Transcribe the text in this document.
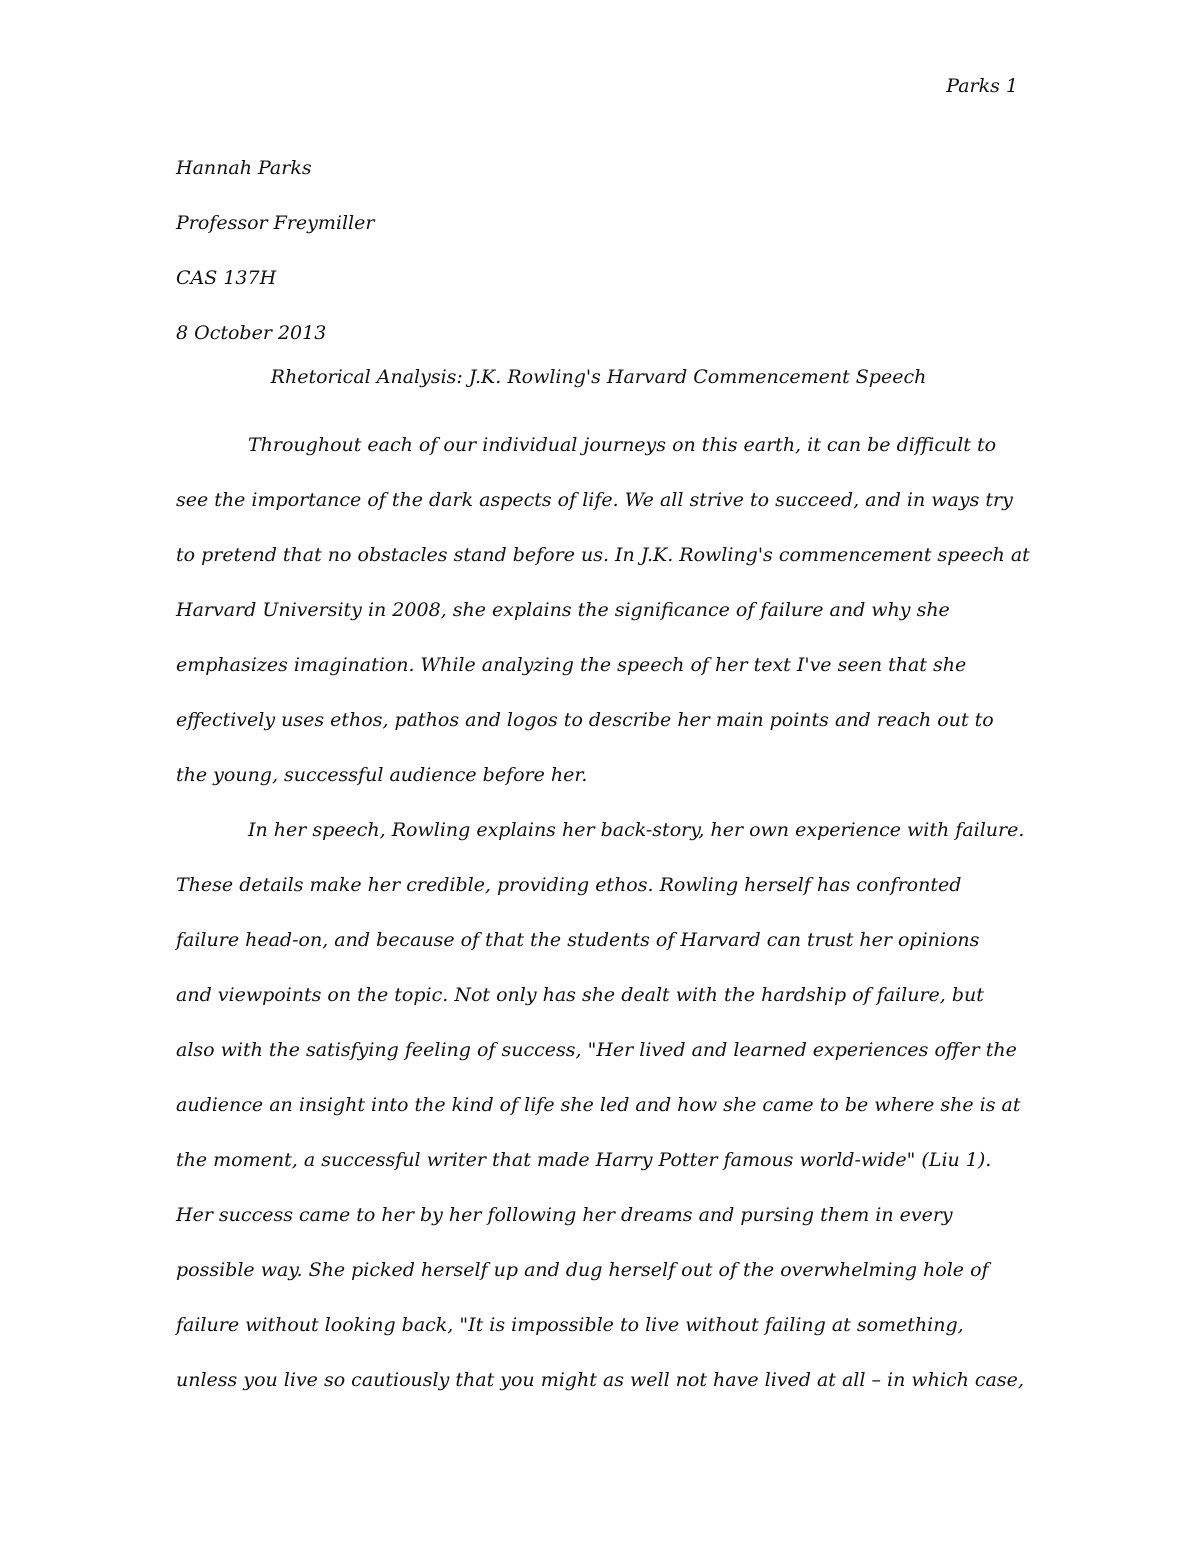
Parks 1
Hannah Parks
Professor Freymiller
CAS 137H
8 October 2013
Rhetorical Analysis: J.K. Rowling's Harvard Commencement Speech
Throughout each of our individual journeys on this earth, it can be difficult to
see the importance of the dark aspects of life. We all strive to succeed, and in ways try
to pretend that no obstacles stand before us. In J.K. Rowling's commencement speech at
Harvard University in 2008, she explains the significance of failure and why she
emphasizes imagination. While analyzing the speech of her text I've seen that she
effectively uses ethos, pathos and logos to describe her main points and reach out to
the young, successful audience before her.
In her speech, Rowling explains her back-story, her own experience with failure.
These details make her credible, providing ethos. Rowling herself has confronted
failure head-on, and because of that the students of Harvard can trust her opinions
and viewpoints on the topic. Not only has she dealt with the hardship of failure, but
also with the satisfying feeling of success, "Her lived and learned experiences offer the
audience an insight into the kind of life she led and how she came to be where she is at
the moment, a successful writer that made Harry Potter famous world-wide" (Liu 1).
Her success came to her by her following her dreams and pursing them in every
possible way. She picked herself up and dug herself out of the overwhelming hole of
failure without looking back, "It is impossible to live without failing at something,
unless you live so cautiously that you might as well not have lived at all – in which case,
